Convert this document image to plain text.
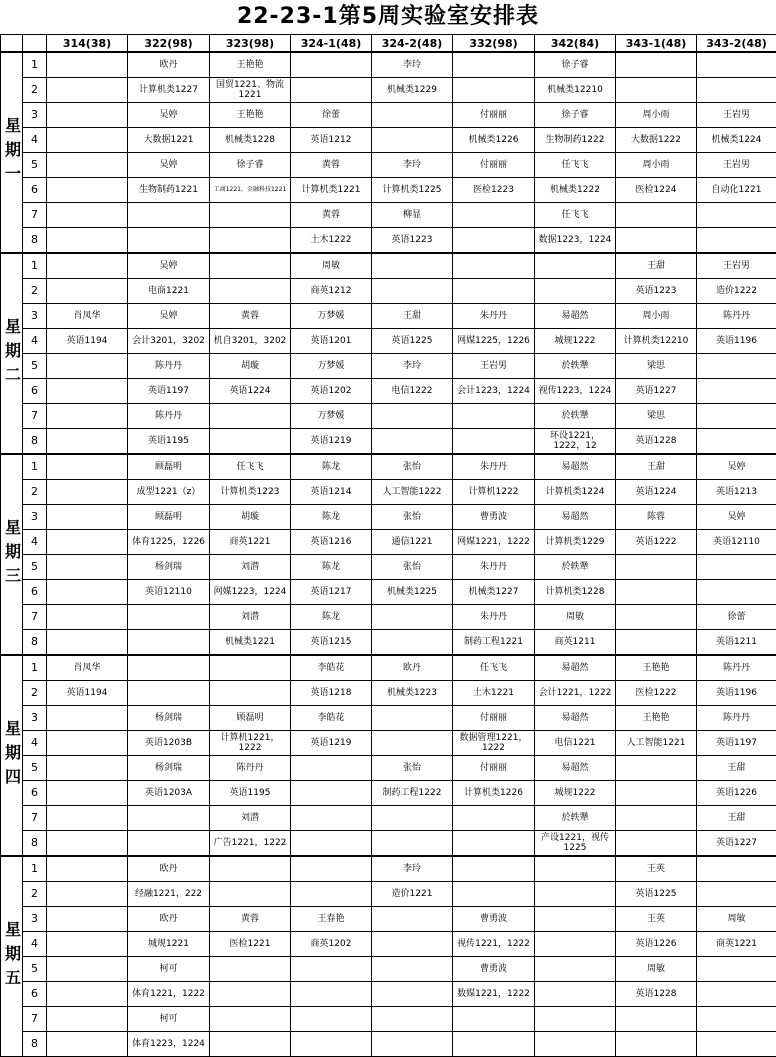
22-23-1第5周实验室安排表
		314(38)	322(98)	323(98)	324-1(48)	324-2(48)	332(98)	342(84)	343-1(48)	343-2(48)
星期一	1		欧丹	王艳艳		李玲		徐子睿		
	2		计算机类1227	国贸1221、物流1221		机械类1229		机械类12210		
	3		吴婷	王艳艳	徐蕾		付丽丽	徐子睿	周小雨	王岩男
	4		大数据1221	机械类1228	英语1212		机械类1226	生物制药1222	大数据1222	机械类1224
	5		吴婷	徐子睿	黄蓉	李玲	付丽丽	任飞飞	周小雨	王岩男
	6		生物制药1221	工商1221，金融科技1221	计算机类1221	计算机类1225	医检1223	机械类1222	医检1224	自动化1221
	7				黄蓉	柳显		任飞飞		
	8				土木1222	英语1223		数据1223，1224		
星期二	1		吴婷		周敏				王甜	王岩男
	2		电商1221		商英1212				英语1223	造价1222
	3	肖凤华	吴婷	黄蓉	万梦媛	王甜	朱丹丹	易超然	周小雨	陈丹丹
	4	英语1194	会计3201，3202	机自3201，3202	英语1201	英语1225	网媒1225，1226	城规1222	计算机类12210	英语1196
	5		陈丹丹	胡璇	万梦媛	李玲	王岩男	於轶犟	梁思	
	6		英语1197	英语1224	英语1202	电信1222	会计1223，1224	视传1223，1224	英语1227	
	7		陈丹丹		万梦媛			於轶犟	梁思	
	8		英语1195		英语1219			环设1221，1222，12	英语1228	
星期三	1		顾磊明	任飞飞	陈龙	张怡	朱丹丹	易超然	王甜	吴婷
	2		成型1221（z）	计算机类1223	英语1214	人工智能1222	计算机1222	计算机类1224	英语1224	英语1213
	3		顾磊明	胡璇	陈龙	张怡	曹勇波	易超然	陈蓉	吴婷
	4		体育1225，1226	商英1221	英语1216	通信1221	网媒1221，1222	计算机类1229	英语1222	英语12110
	5		杨剑瑞	刘潜	陈龙	张怡	朱丹丹	於轶犟		
	6		英语12110	网媒1223，1224	英语1217	机械类1225	机械类1227	计算机类1228		
	7			刘潜	陈龙		朱丹丹	周敏		徐蕾
	8			机械类1221	英语1215		制药工程1221	商英1211		英语1211
星期四	1	肖凤华			李皓花	欧丹	任飞飞	易超然	王艳艳	陈丹丹
	2	英语1194			英语1218	机械类1223	土木1221	会计1221，1222	医检1222	英语1196
	3		杨剑瑞	顾磊明	李皓花		付丽丽	易超然	王艳艳	陈丹丹
	4		英语1203B	计算机1221，1222	英语1219		数据管理1221，1222	电信1221	人工智能1221	英语1197
	5		杨剑瑞	陈丹丹		张怡	付丽丽	易超然		王甜
	6		英语1203A	英语1195		制药工程1222	计算机类1226	城规1222		英语1226
	7			刘潜				於轶犟		王甜
	8			广告1221，1222				产设1221，视传1225		英语1227
星期五	1		欧丹			李玲			王英	
	2		经融1221，222			造价1221			英语1225	
	3		欧丹	黄蓉	王春艳		曹勇波		王英	周敏
	4		城规1221	医检1221	商英1202		视传1221，1222		英语1226	商英1221
	5		柯可				曹勇波		周敏	
	6		体育1221，1222				数媒1221，1222		英语1228	
	7		柯可							
	8		体育1223，1224							
